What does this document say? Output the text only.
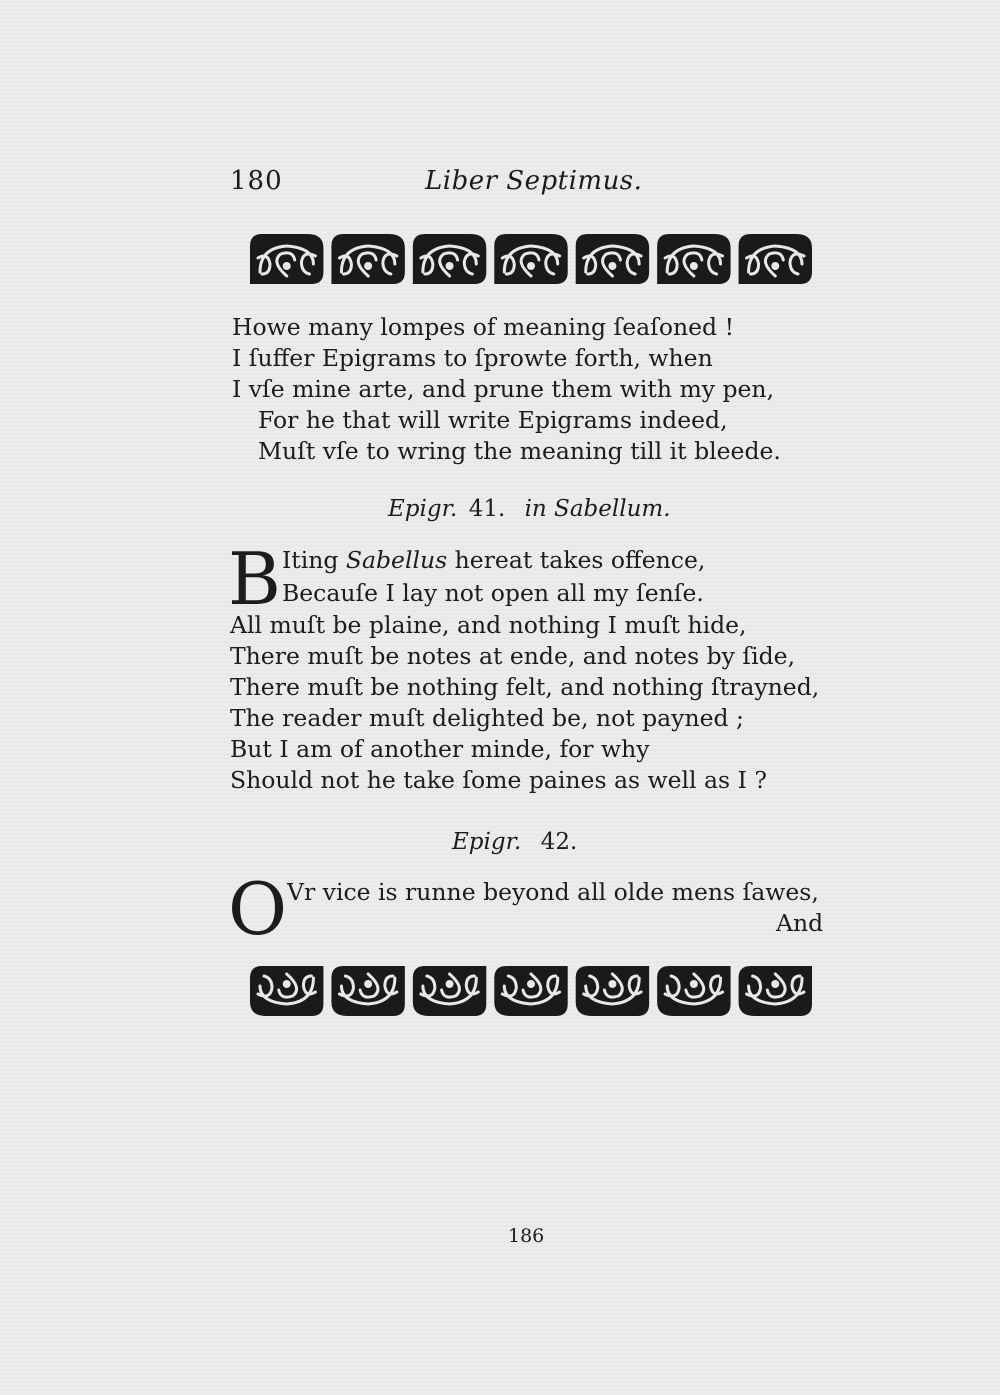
180	Liber Septimus.
Howe many lompes of meaning ſeaſoned !
I ſuffer Epigrams to ſprowte forth, when
I vſe mine arte, and prune them with my pen,
For he that will write Epigrams indeed,
Muſt vſe to wring the meaning till it bleede.
Epigr. 41. in Sabellum.
B Iting Sabellus hereat takes offence,
Becauſe I lay not open all my ſenſe.
All muſt be plaine, and nothing I muſt hide,
There muſt be notes at ende, and notes by ſide,
There muſt be nothing felt, and nothing ſtrayned,
The reader muſt delighted be, not payned ;
But I am of another minde, for why
Should not he take ſome paines as well as I ?
Epigr. 42.
O Vr vice is runne beyond all olde mens ſawes,
And
186
